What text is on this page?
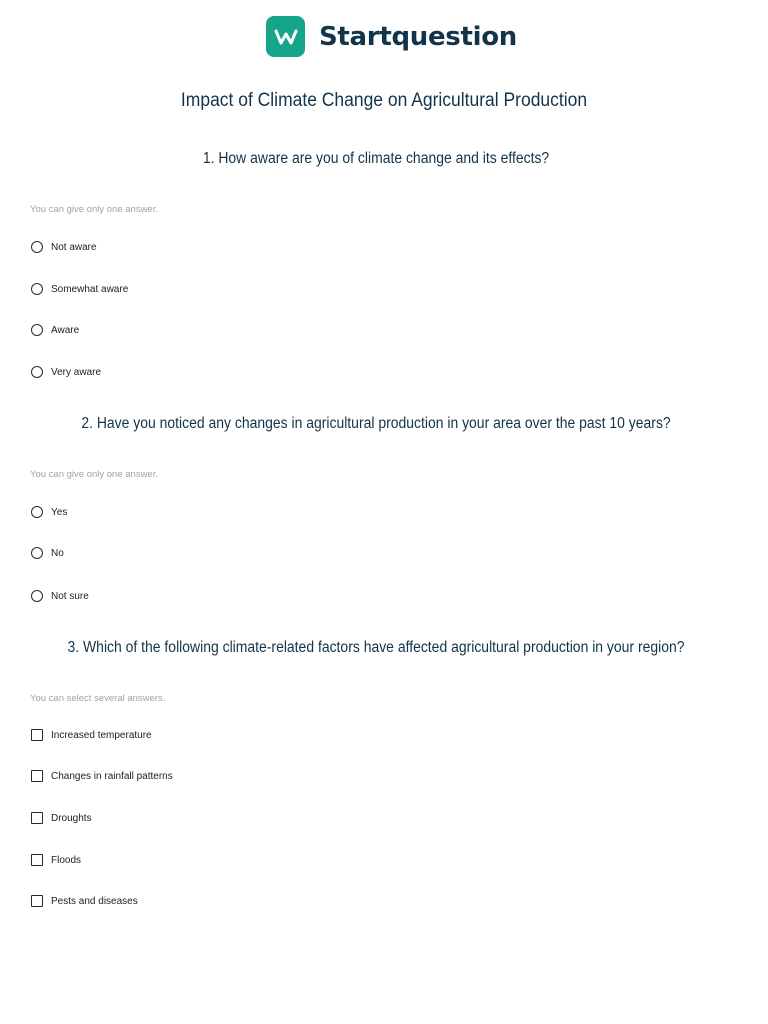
Startquestion
Impact of Climate Change on Agricultural Production
1. How aware are you of climate change and its effects?

You can give only one answer.

Not aware
Somewhat aware
Aware
Very aware
2. Have you noticed any changes in agricultural production in your area over the past 10 years?

You can give only one answer.

Yes
No
Not sure
3. Which of the following climate-related factors have affected agricultural production in your region?

You can select several answers.

Increased temperature
Changes in rainfall patterns
Droughts
Floods
Pests and diseases
